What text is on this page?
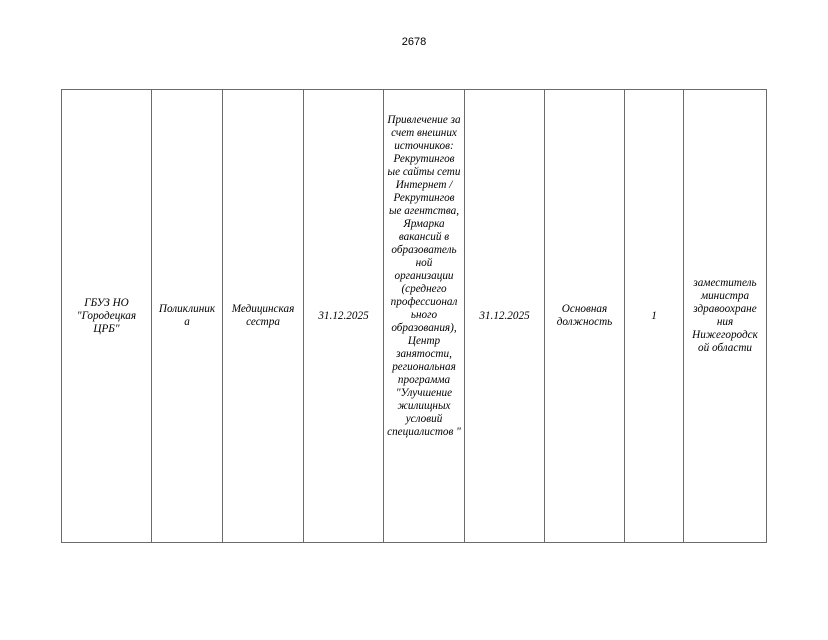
2678
ГБУЗ НО "Городецкая ЦРБ"	Поликлиник а	Медицинская сестра	31.12.2025	Привлечение за счет внешних источников: Рекрутингов ые сайты сети Интернет / Рекрутингов ые агентства, Ярмарка вакансий в образователь ной организации (среднего профессионал ьного образования), Центр занятости, региональная программа "Улучшение жилищных условий специалистов "	31.12.2025	Основная должность	1	заместитель министра здравоохране ния Нижегородск ой области
